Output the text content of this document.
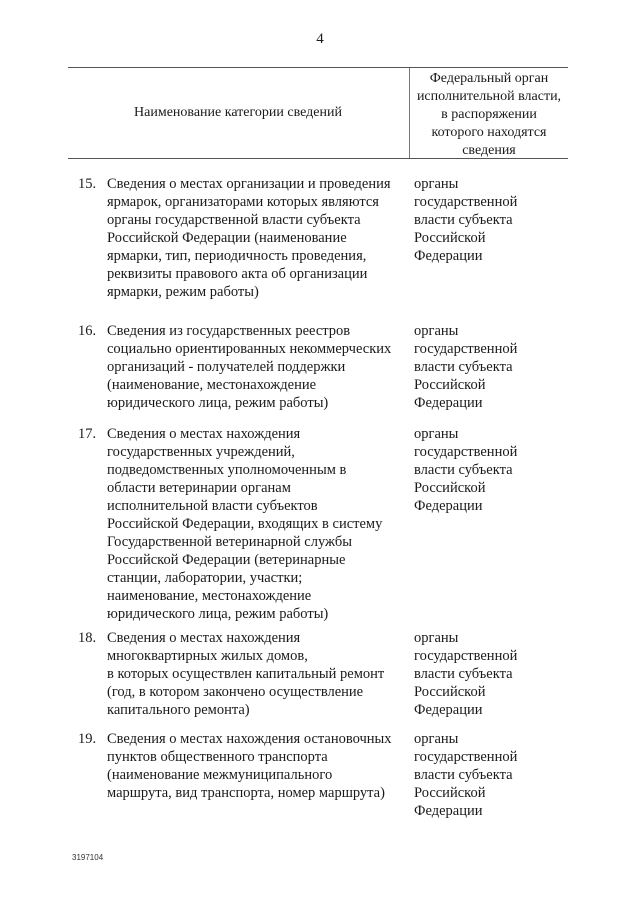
4
Наименование категории сведений
Федеральный орган
исполнительной власти,
в распоряжении
которого находятся
сведения
15. Сведения о местах организации и проведения
ярмарок, организаторами которых являются
органы государственной власти субъекта
Российской Федерации (наименование
ярмарки, тип, периодичность проведения,
реквизиты правового акта об организации
ярмарки, режим работы)
органы
государственной
власти субъекта
Российской
Федерации
16. Сведения из государственных реестров
социально ориентированных некоммерческих
организаций - получателей поддержки
(наименование, местонахождение
юридического лица, режим работы)
органы
государственной
власти субъекта
Российской
Федерации
17. Сведения о местах нахождения
государственных учреждений,
подведомственных уполномоченным в
области ветеринарии органам
исполнительной власти субъектов
Российской Федерации, входящих в систему
Государственной ветеринарной службы
Российской Федерации (ветеринарные
станции, лаборатории, участки;
наименование, местонахождение
юридического лица, режим работы)
органы
государственной
власти субъекта
Российской
Федерации
18. Сведения о местах нахождения
многоквартирных жилых домов,
в которых осуществлен капитальный ремонт
(год, в котором закончено осуществление
капитального ремонта)
органы
государственной
власти субъекта
Российской
Федерации
19. Сведения о местах нахождения остановочных
пунктов общественного транспорта
(наименование межмуниципального
маршрута, вид транспорта, номер маршрута)
органы
государственной
власти субъекта
Российской
Федерации
3197104
